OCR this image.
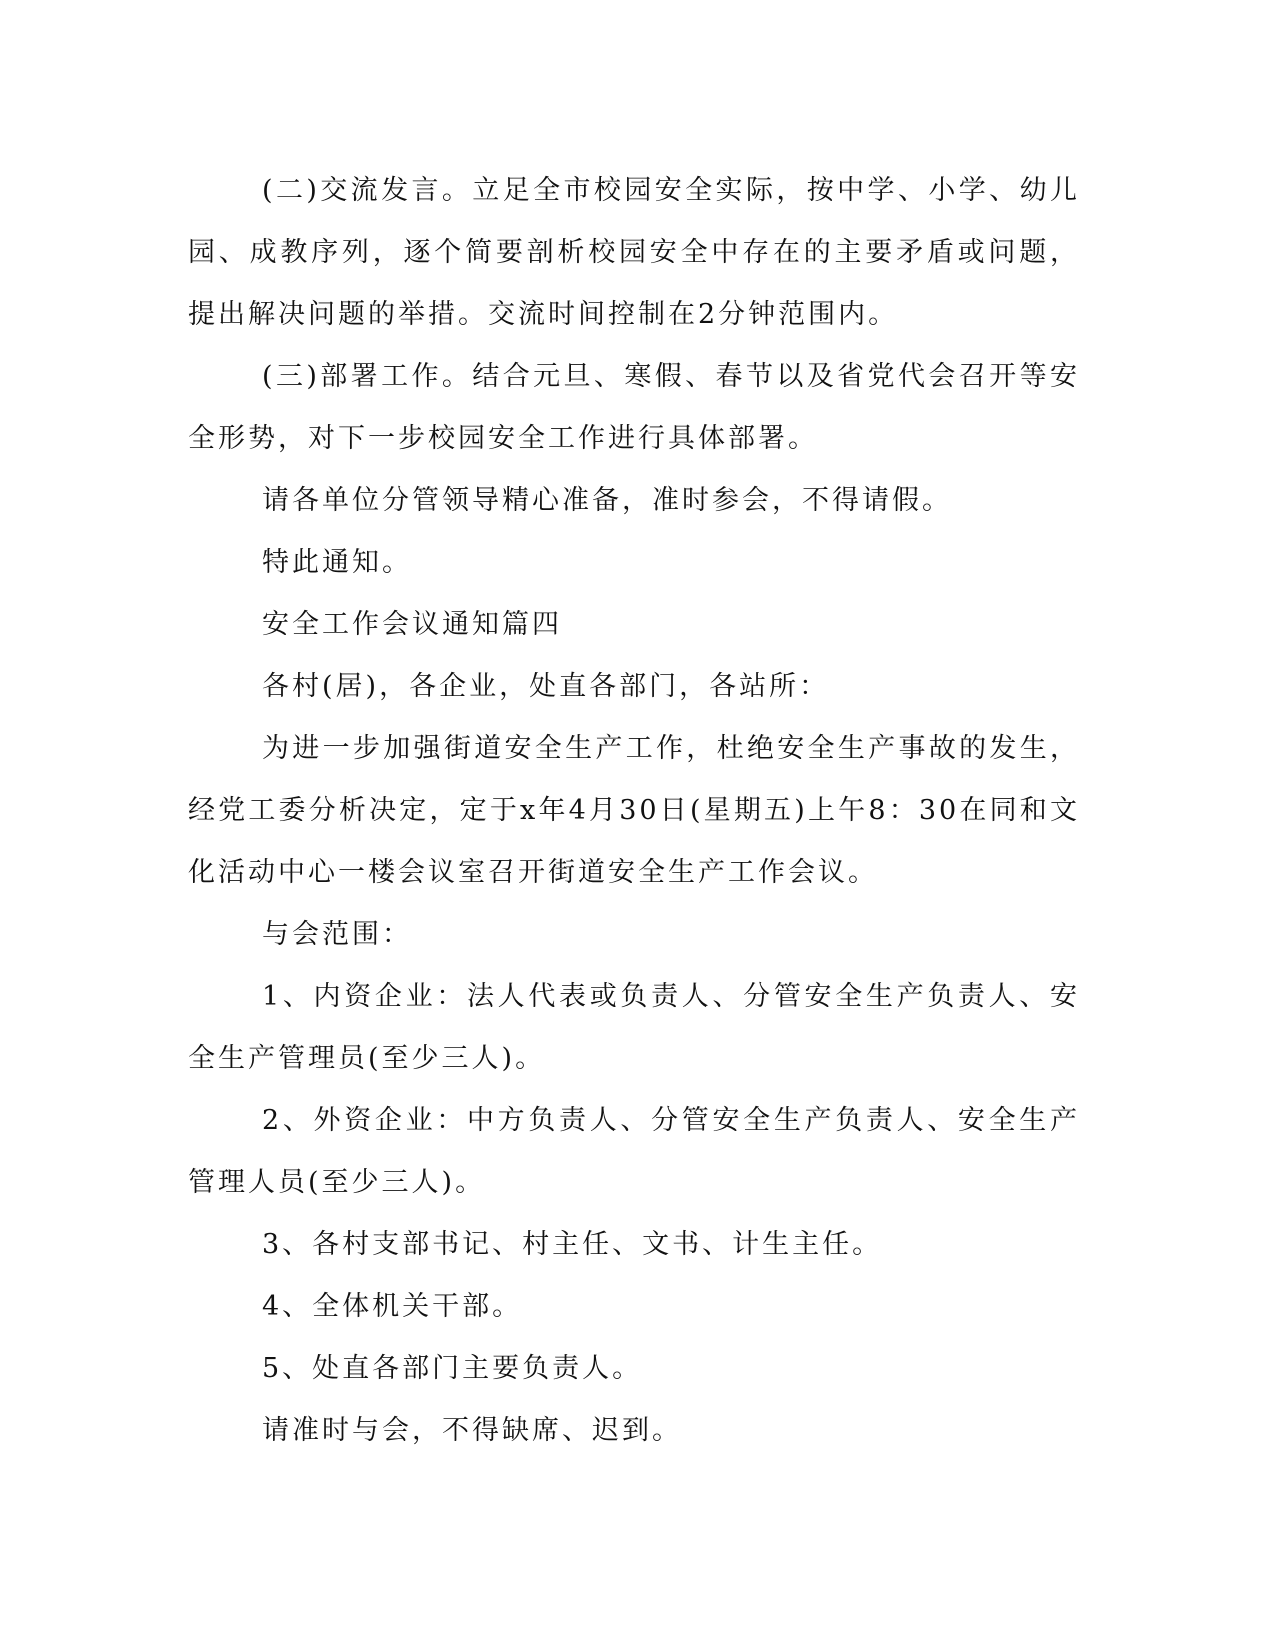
(二)交流发言。立足全市校园安全实际，按中学、小学、幼儿园、成教序列，逐个简要剖析校园安全中存在的主要矛盾或问题，提出解决问题的举措。交流时间控制在2分钟范围内。

(三)部署工作。结合元旦、寒假、春节以及省党代会召开等安全形势，对下一步校园安全工作进行具体部署。

请各单位分管领导精心准备，准时参会，不得请假。

特此通知。

安全工作会议通知篇四

各村(居)，各企业，处直各部门，各站所：

为进一步加强街道安全生产工作，杜绝安全生产事故的发生，经党工委分析决定，定于x年4月30日(星期五)上午8：30在同和文化活动中心一楼会议室召开街道安全生产工作会议。

与会范围：

1、内资企业：法人代表或负责人、分管安全生产负责人、安全生产管理员(至少三人)。

2、外资企业：中方负责人、分管安全生产负责人、安全生产管理人员(至少三人)。

3、各村支部书记、村主任、文书、计生主任。

4、全体机关干部。

5、处直各部门主要负责人。

请准时与会，不得缺席、迟到。
